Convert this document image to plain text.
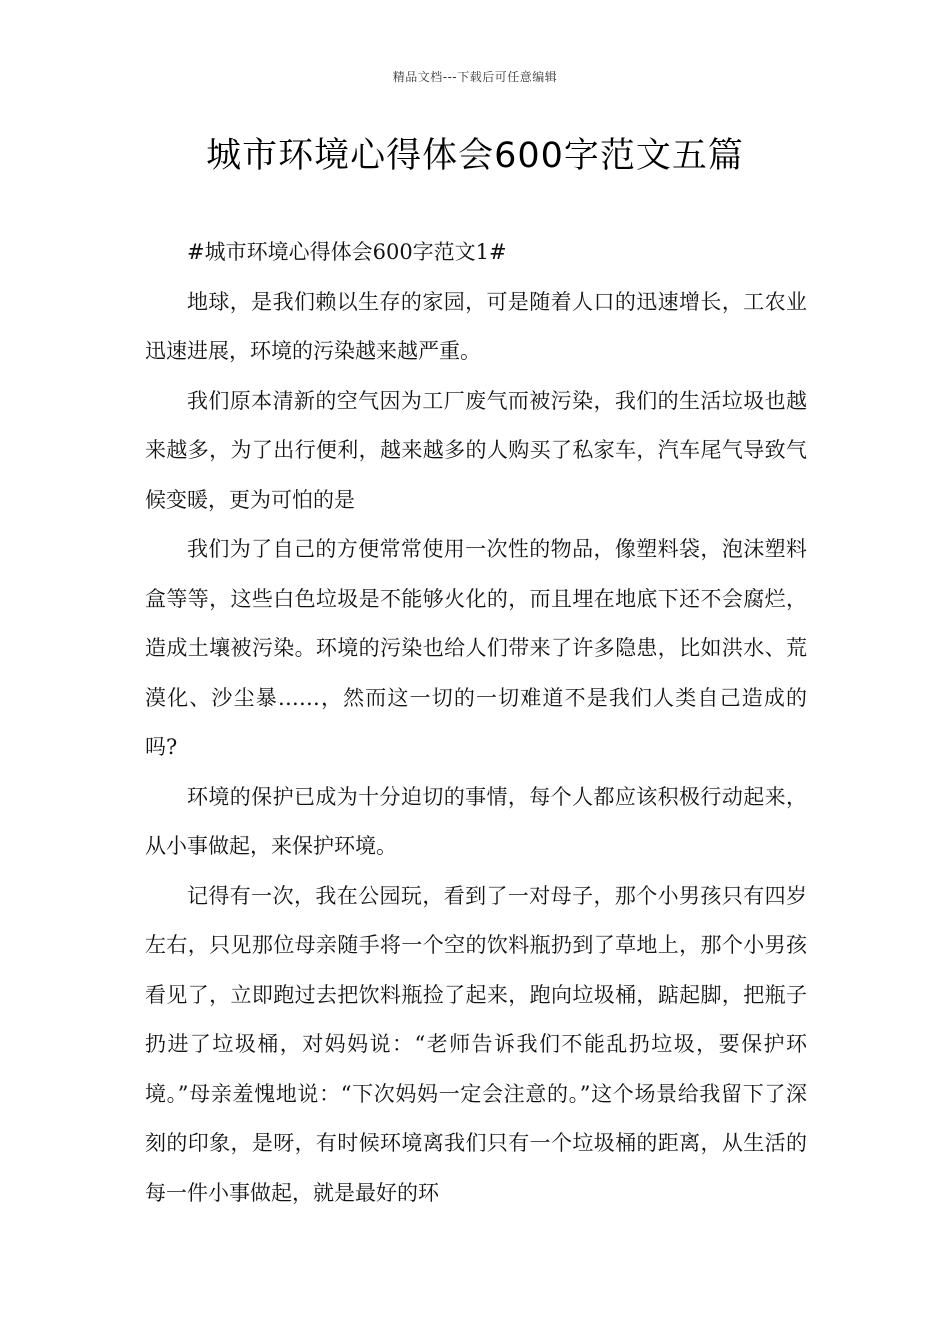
精品文档---下载后可任意编辑
城市环境心得体会600字范文五篇

#城市环境心得体会600字范文1#

地球，是我们赖以生存的家园，可是随着人口的迅速增长，工农业迅速进展，环境的污染越来越严重。

我们原本清新的空气因为工厂废气而被污染，我们的生活垃圾也越来越多，为了出行便利，越来越多的人购买了私家车，汽车尾气导致气候变暖，更为可怕的是

我们为了自己的方便常常使用一次性的物品，像塑料袋，泡沫塑料盒等等，这些白色垃圾是不能够火化的，而且埋在地底下还不会腐烂，造成土壤被污染。环境的污染也给人们带来了许多隐患，比如洪水、荒漠化、沙尘暴……，然而这一切的一切难道不是我们人类自己造成的吗?

环境的保护已成为十分迫切的事情，每个人都应该积极行动起来，从小事做起，来保护环境。

记得有一次，我在公园玩，看到了一对母子，那个小男孩只有四岁左右，只见那位母亲随手将一个空的饮料瓶扔到了草地上，那个小男孩看见了，立即跑过去把饮料瓶捡了起来，跑向垃圾桶，踮起脚，把瓶子扔进了垃圾桶，对妈妈说：“老师告诉我们不能乱扔垃圾，要保护环境。”母亲羞愧地说：“下次妈妈一定会注意的。”这个场景给我留下了深刻的印象，是呀，有时候环境离我们只有一个垃圾桶的距离，从生活的每一件小事做起，就是最好的环
